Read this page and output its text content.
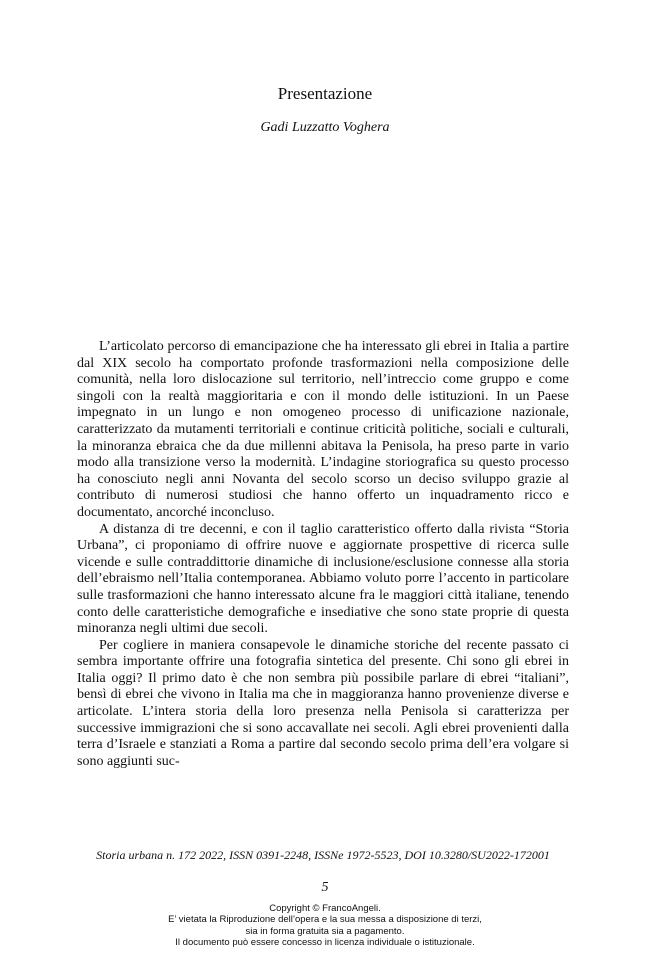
Presentazione

Gadi Luzzatto Voghera

L’articolato percorso di emancipazione che ha interessato gli ebrei in Italia a partire dal XIX secolo ha comportato profonde trasformazioni nella composizione delle comunità, nella loro dislocazione sul territorio, nell’intreccio come gruppo e come singoli con la realtà maggioritaria e con il mondo delle istituzioni. In un Paese impegnato in un lungo e non omogeneo processo di unificazione nazionale, caratterizzato da mutamenti territoriali e continue criticità politiche, sociali e culturali, la minoranza ebraica che da due millenni abitava la Penisola, ha preso parte in vario modo alla transizione verso la modernità. L’indagine storiografica su questo processo ha conosciuto negli anni Novanta del secolo scorso un deciso sviluppo grazie al contributo di numerosi studiosi che hanno offerto un inquadramento ricco e documentato, ancorché inconcluso.

A distanza di tre decenni, e con il taglio caratteristico offerto dalla rivista “Storia Urbana”, ci proponiamo di offrire nuove e aggiornate prospettive di ricerca sulle vicende e sulle contraddittorie dinamiche di inclusione/esclusione connesse alla storia dell’ebraismo nell’Italia contemporanea. Abbiamo voluto porre l’accento in particolare sulle trasformazioni che hanno interessato alcune fra le maggiori città italiane, tenendo conto delle caratteristiche demografiche e insediative che sono state proprie di questa minoranza negli ultimi due secoli.

Per cogliere in maniera consapevole le dinamiche storiche del recente passato ci sembra importante offrire una fotografia sintetica del presente. Chi sono gli ebrei in Italia oggi? Il primo dato è che non sembra più possibile parlare di ebrei “italiani”, bensì di ebrei che vivono in Italia ma che in maggioranza hanno provenienze diverse e articolate. L’intera storia della loro presenza nella Penisola si caratterizza per successive immigrazioni che si sono accavallate nei secoli. Agli ebrei provenienti dalla terra d’Israele e stanziati a Roma a partire dal secondo secolo prima dell’era volgare si sono aggiunti suc-

Storia urbana n. 172 2022, ISSN 0391-2248, ISSNe 1972-5523, DOI 10.3280/SU2022-172001

5

Copyright © FrancoAngeli.
E’ vietata la Riproduzione dell’opera e la sua messa a disposizione di terzi,
sia in forma gratuita sia a pagamento.
Il documento può essere concesso in licenza individuale o istituzionale.
